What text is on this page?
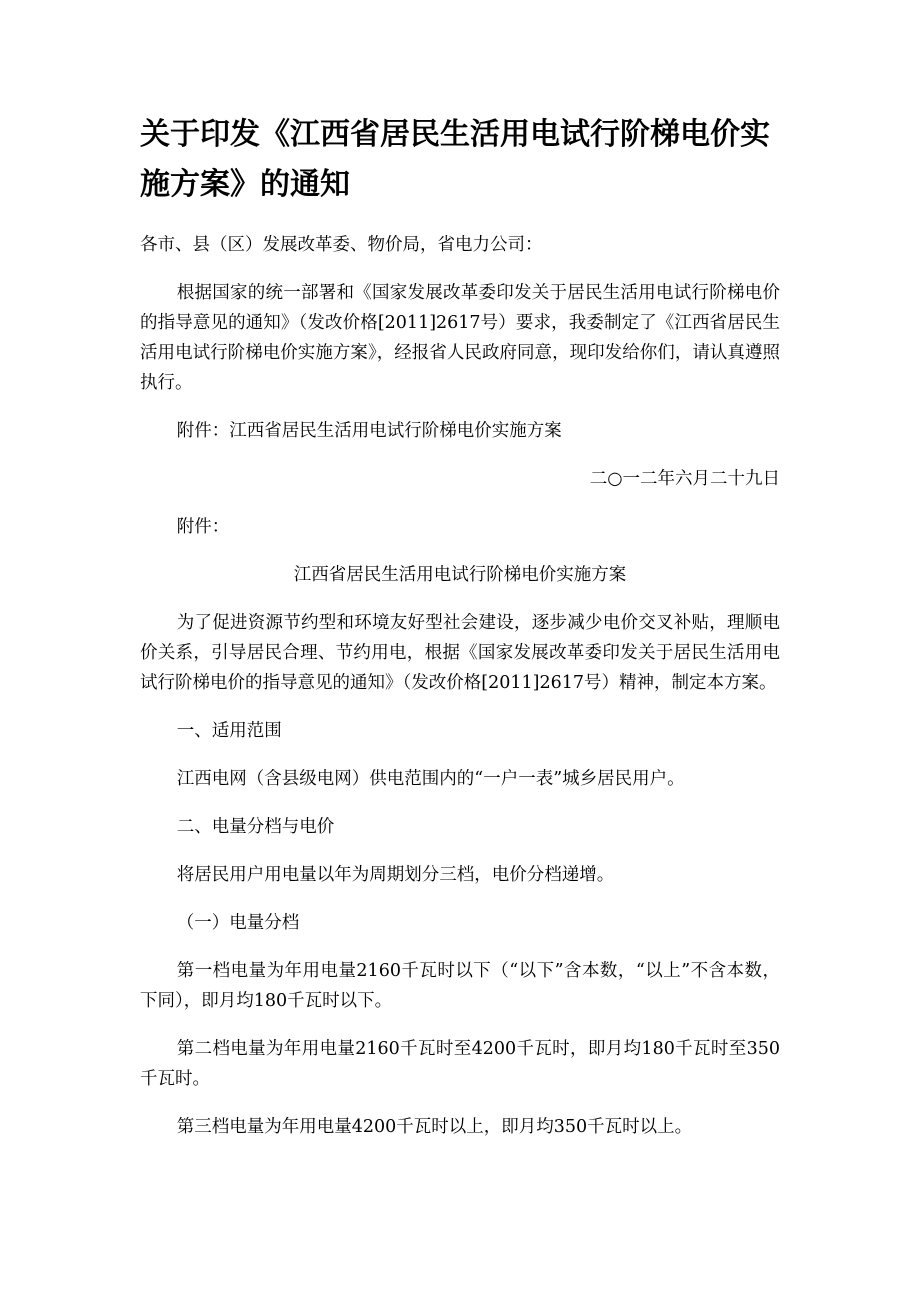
关于印发《江西省居民生活用电试行阶梯电价实施方案》的通知
各市、县（区）发展改革委、物价局，省电力公司：
根据国家的统一部署和《国家发展改革委印发关于居民生活用电试行阶梯电价的指导意见的通知》（发改价格[2011]2617号）要求，我委制定了《江西省居民生活用电试行阶梯电价实施方案》，经报省人民政府同意，现印发给你们，请认真遵照执行。
附件：江西省居民生活用电试行阶梯电价实施方案
二○一二年六月二十九日
附件：
江西省居民生活用电试行阶梯电价实施方案
为了促进资源节约型和环境友好型社会建设，逐步减少电价交叉补贴，理顺电价关系，引导居民合理、节约用电，根据《国家发展改革委印发关于居民生活用电试行阶梯电价的指导意见的通知》（发改价格[2011]2617号）精神，制定本方案。
一、适用范围
江西电网（含县级电网）供电范围内的“一户一表”城乡居民用户。
二、电量分档与电价
将居民用户用电量以年为周期划分三档，电价分档递增。
（一）电量分档
第一档电量为年用电量2160千瓦时以下（“以下”含本数，“以上”不含本数，下同），即月均180千瓦时以下。
第二档电量为年用电量2160千瓦时至4200千瓦时，即月均180千瓦时至350千瓦时。
第三档电量为年用电量4200千瓦时以上，即月均350千瓦时以上。
